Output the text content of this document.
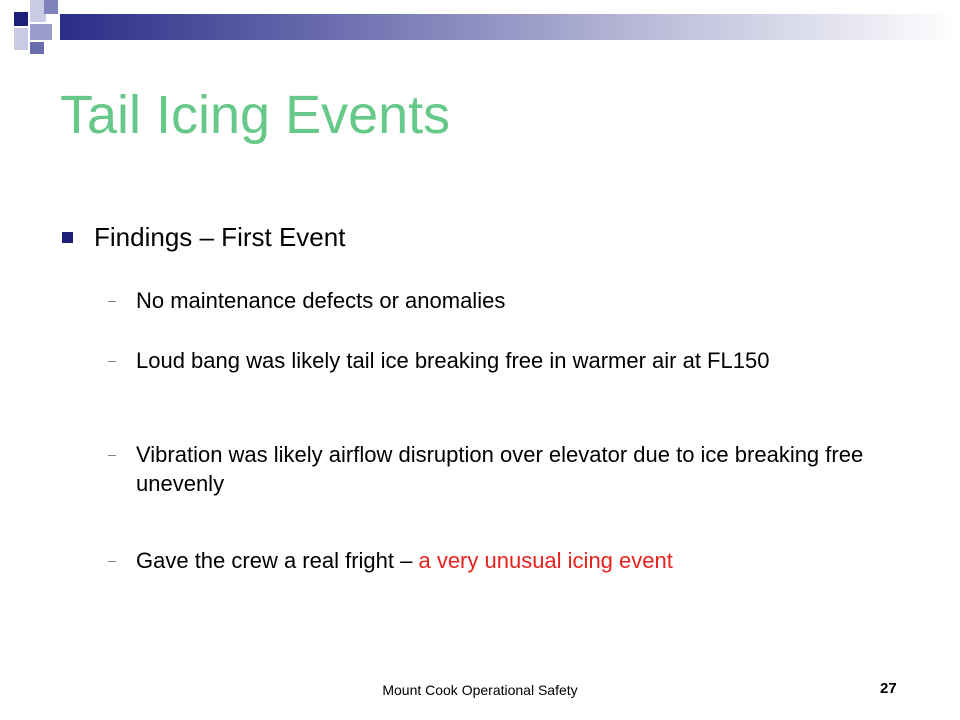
Tail Icing Events
Findings – First Event
– No maintenance defects or anomalies
– Loud bang was likely tail ice breaking free in warmer air at FL150
– Vibration was likely airflow disruption over elevator due to ice breaking free unevenly
– Gave the crew a real fright – a very unusual icing event
Mount Cook Operational Safety	27
